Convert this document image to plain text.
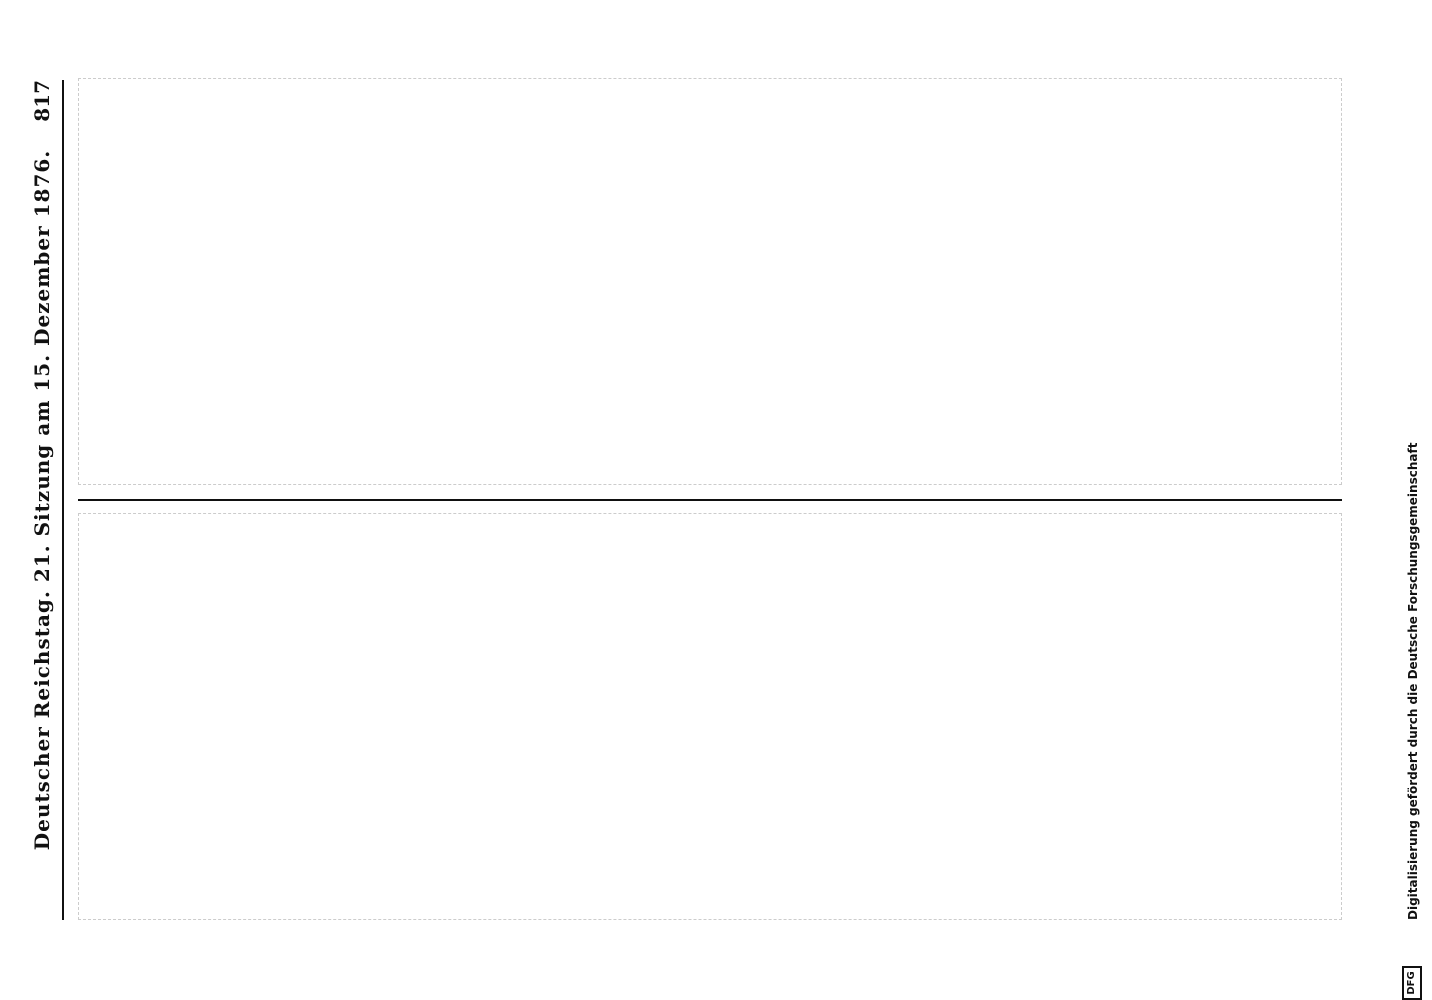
Deutscher Reichstag. 21. Sitzung am 15. Dezember 1876.
817
Digitalisierung gefördert durch die Deutsche Forschungsgemeinschaft
DFG
